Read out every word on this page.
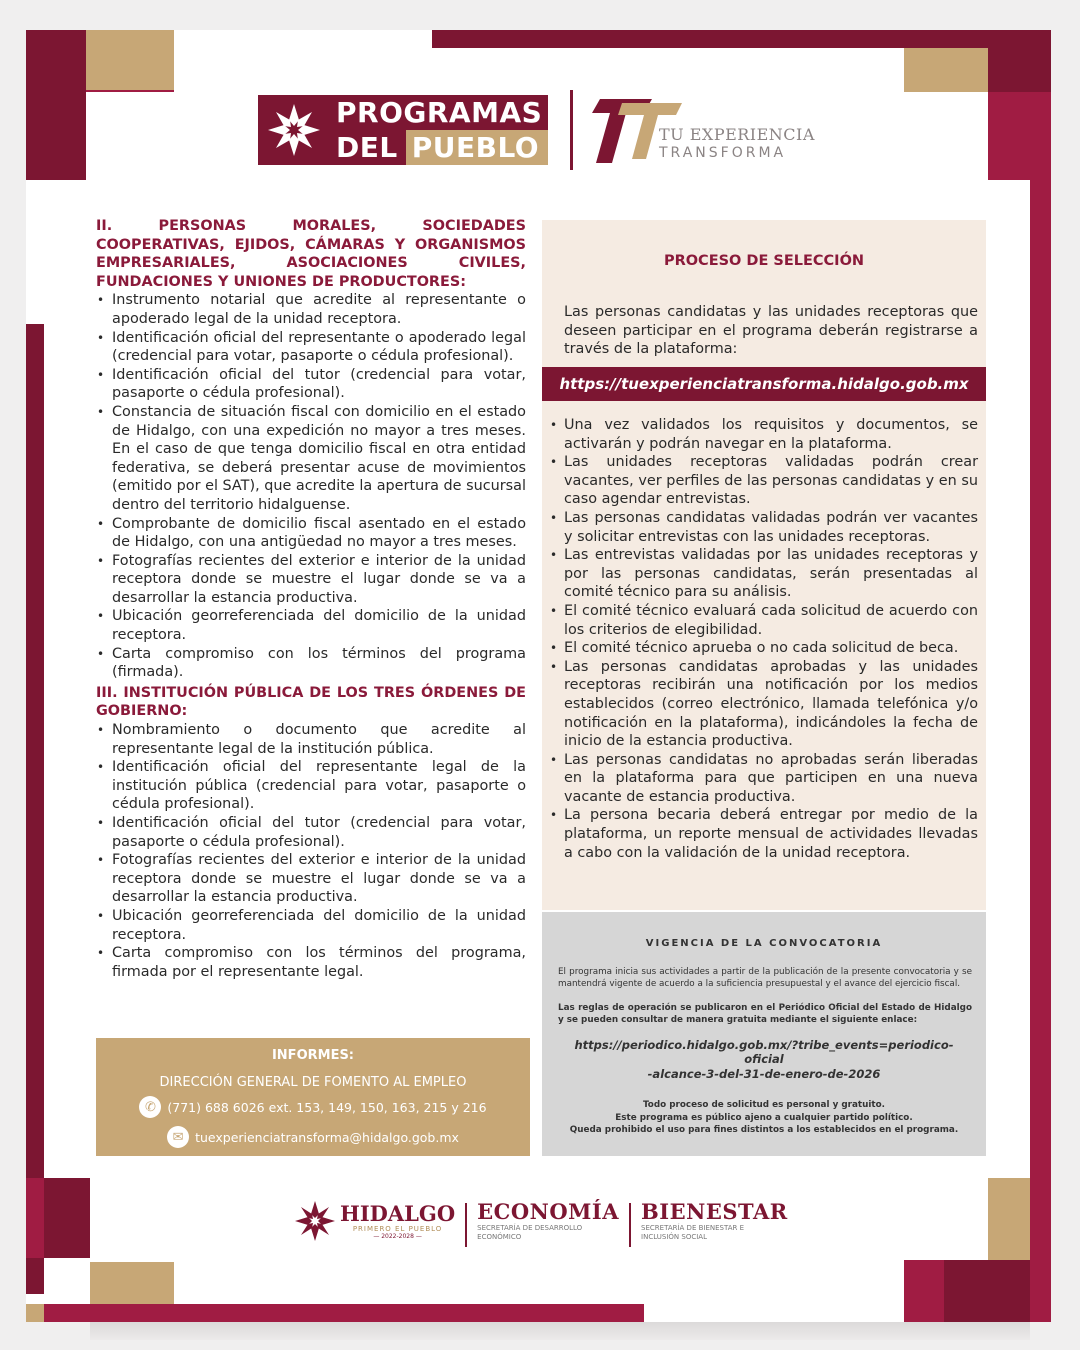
PROGRAMAS
DEL PUEBLO	TU EXPERIENCIA
TRANSFORMA
II. PERSONAS MORALES, SOCIEDADES COOPERATIVAS, EJIDOS, CÁMARAS Y ORGANISMOS EMPRESARIALES, ASOCIACIONES CIVILES, FUNDACIONES Y UNIONES DE PRODUCTORES:
• Instrumento notarial que acredite al representante o apoderado legal de la unidad receptora.
• Identificación oficial del representante o apoderado legal (credencial para votar, pasaporte o cédula profesional).
• Identificación oficial del tutor (credencial para votar, pasaporte o cédula profesional).
• Constancia de situación fiscal con domicilio en el estado de Hidalgo, con una expedición no mayor a tres meses. En el caso de que tenga domicilio fiscal en otra entidad federativa, se deberá presentar acuse de movimientos (emitido por el SAT), que acredite la apertura de sucursal dentro del territorio hidalguense.
• Comprobante de domicilio fiscal asentado en el estado de Hidalgo, con una antigüedad no mayor a tres meses.
• Fotografías recientes del exterior e interior de la unidad receptora donde se muestre el lugar donde se va a desarrollar la estancia productiva.
• Ubicación georreferenciada del domicilio de la unidad receptora.
• Carta compromiso con los términos del programa (firmada).
III. INSTITUCIÓN PÚBLICA DE LOS TRES ÓRDENES DE GOBIERNO:
• Nombramiento o documento que acredite al representante legal de la institución pública.
• Identificación oficial del representante legal de la institución pública (credencial para votar, pasaporte o cédula profesional).
• Identificación oficial del tutor (credencial para votar, pasaporte o cédula profesional).
• Fotografías recientes del exterior e interior de la unidad receptora donde se muestre el lugar donde se va a desarrollar la estancia productiva.
• Ubicación georreferenciada del domicilio de la unidad receptora.
• Carta compromiso con los términos del programa, firmada por el representante legal.
INFORMES:
DIRECCIÓN GENERAL DE FOMENTO AL EMPLEO
✆ (771) 688 6026 ext. 153, 149, 150, 163, 215 y 216
✉ tuexperienciatransforma@hidalgo.gob.mx
PROCESO DE SELECCIÓN
Las personas candidatas y las unidades receptoras que deseen participar en el programa deberán registrarse a través de la plataforma:
https://tuexperienciatransforma.hidalgo.gob.mx
• Una vez validados los requisitos y documentos, se activarán y podrán navegar en la plataforma.
• Las unidades receptoras validadas podrán crear vacantes, ver perfiles de las personas candidatas y en su caso agendar entrevistas.
• Las personas candidatas validadas podrán ver vacantes y solicitar entrevistas con las unidades receptoras.
• Las entrevistas validadas por las unidades receptoras y por las personas candidatas, serán presentadas al comité técnico para su análisis.
• El comité técnico evaluará cada solicitud de acuerdo con los criterios de elegibilidad.
• El comité técnico aprueba o no cada solicitud de beca.
• Las personas candidatas aprobadas y las unidades receptoras recibirán una notificación por los medios establecidos (correo electrónico, llamada telefónica y/o notificación en la plataforma), indicándoles la fecha de inicio de la estancia productiva.
• Las personas candidatas no aprobadas serán liberadas en la plataforma para que participen en una nueva vacante de estancia productiva.
• La persona becaria deberá entregar por medio de la plataforma, un reporte mensual de actividades llevadas a cabo con la validación de la unidad receptora.
VIGENCIA DE LA CONVOCATORIA
El programa inicia sus actividades a partir de la publicación de la presente convocatoria y se mantendrá vigente de acuerdo a la suficiencia presupuestal y el avance del ejercicio fiscal.
Las reglas de operación se publicaron en el Periódico Oficial del Estado de Hidalgo y se pueden consultar de manera gratuita mediante el siguiente enlace:
https://periodico.hidalgo.gob.mx/?tribe_events=periodico-oficial
-alcance-3-del-31-de-enero-de-2026
Todo proceso de solicitud es personal y gratuito.
Este programa es público ajeno a cualquier partido político.
Queda prohibido el uso para fines distintos a los establecidos en el programa.
HIDALGO
PRIMERO EL PUEBLO
— 2022-2028 —
ECONOMÍA
SECRETARÍA DE DESARROLLO ECONÓMICO
BIENESTAR
SECRETARÍA DE BIENESTAR E INCLUSIÓN SOCIAL
